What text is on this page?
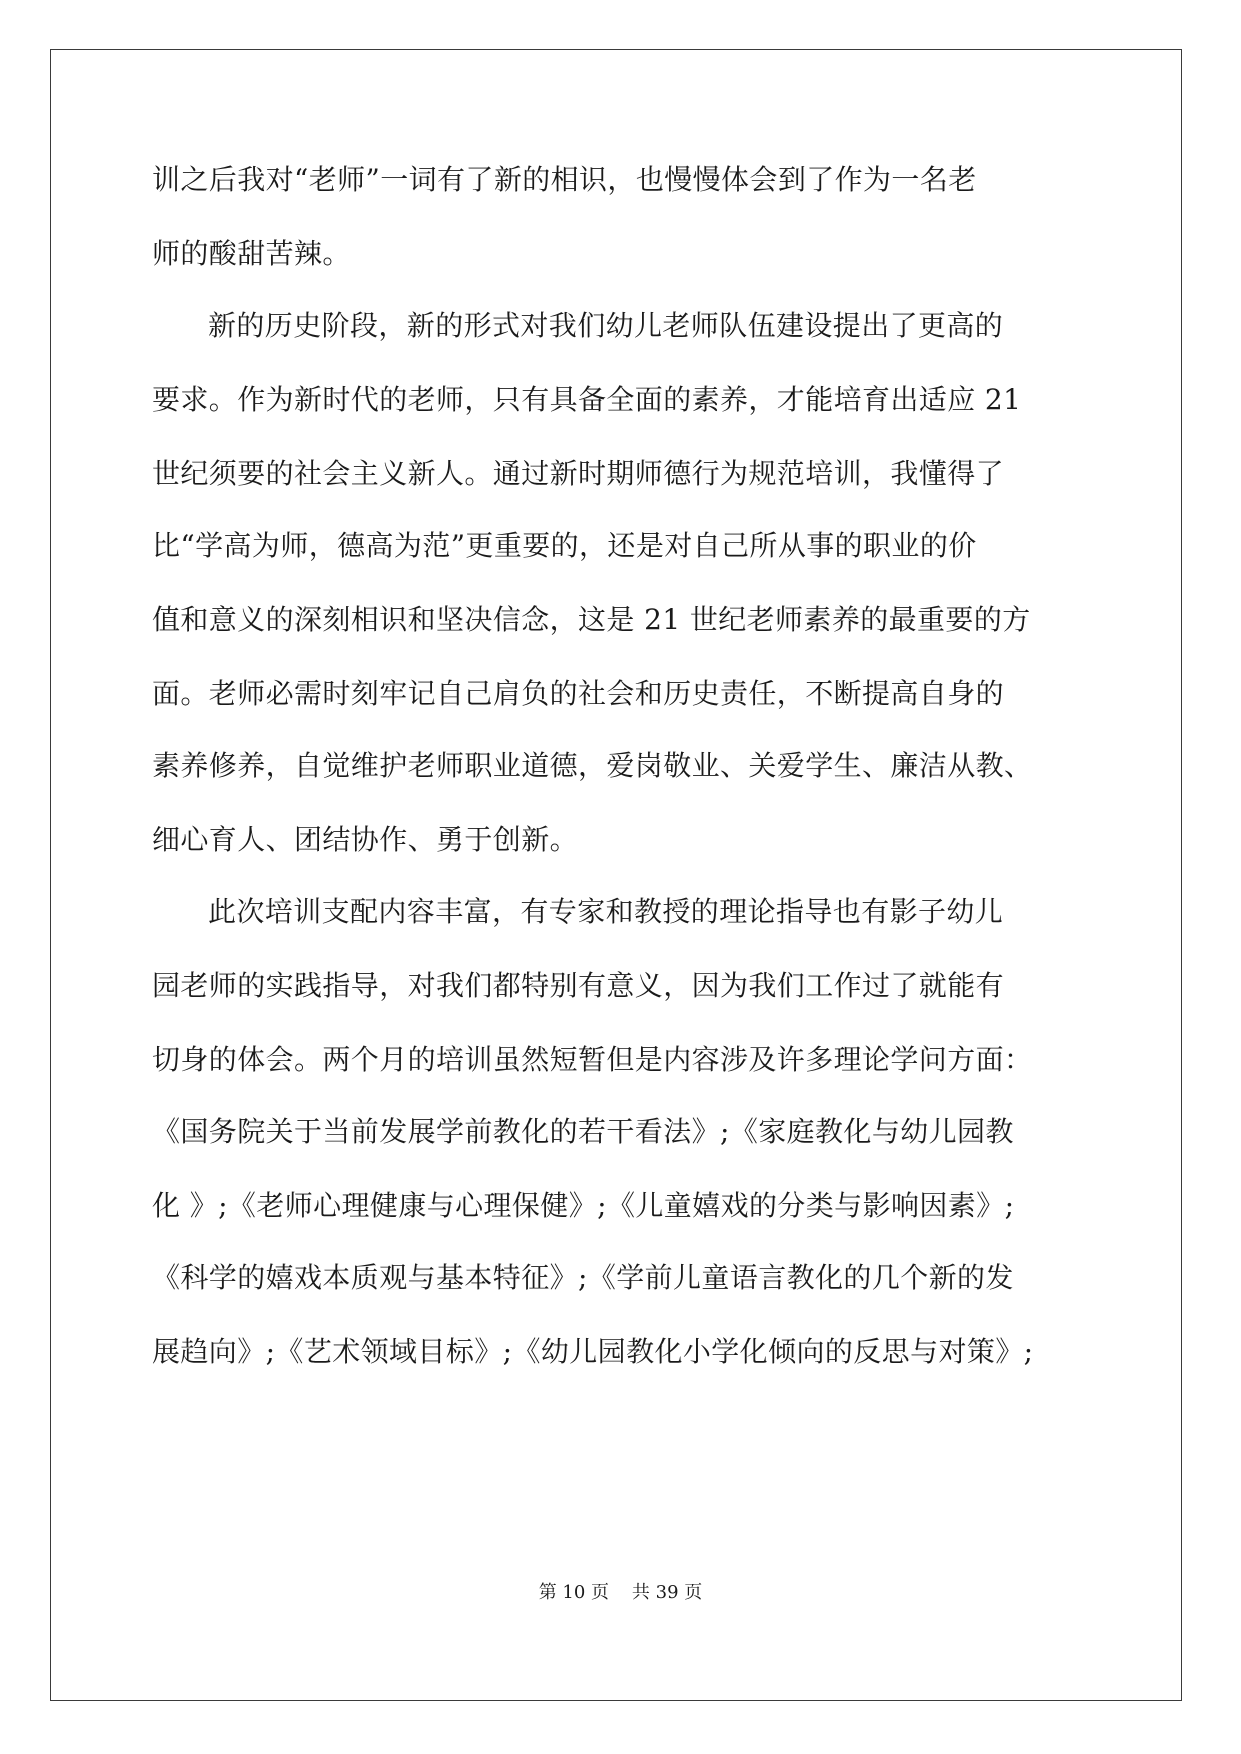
训之后我对“老师”一词有了新的相识，也慢慢体会到了作为一名老
师的酸甜苦辣。
新的历史阶段，新的形式对我们幼儿老师队伍建设提出了更高的
要求。作为新时代的老师，只有具备全面的素养，才能培育出适应 21
世纪须要的社会主义新人。通过新时期师德行为规范培训，我懂得了
比“学高为师，德高为范”更重要的，还是对自己所从事的职业的价
值和意义的深刻相识和坚决信念，这是 21 世纪老师素养的最重要的方
面。老师必需时刻牢记自己肩负的社会和历史责任，不断提高自身的
素养修养，自觉维护老师职业道德，爱岗敬业、关爱学生、廉洁从教、
细心育人、团结协作、勇于创新。
此次培训支配内容丰富，有专家和教授的理论指导也有影子幼儿
园老师的实践指导，对我们都特别有意义，因为我们工作过了就能有
切身的体会。两个月的培训虽然短暂但是内容涉及许多理论学问方面：
《国务院关于当前发展学前教化的若干看法》;《家庭教化与幼儿园教
化 》;《老师心理健康与心理保健》;《儿童嬉戏的分类与影响因素》;
《科学的嬉戏本质观与基本特征》;《学前儿童语言教化的几个新的发
展趋向》;《艺术领域目标》;《幼儿园教化小学化倾向的反思与对策》;
第 10 页    共 39 页
